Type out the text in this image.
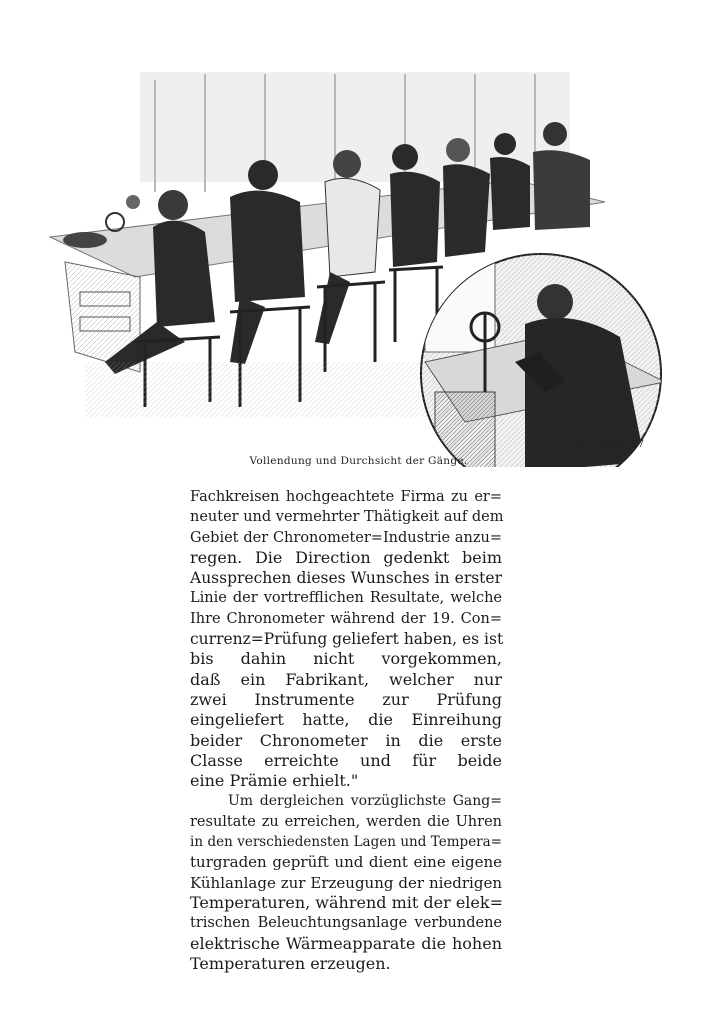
E. Limmer 97
Vollendung und Durchsicht der Gänge.
Fachkreisen hochgeachtete Firma zu er=
neuter und vermehrter Thätigkeit auf dem
Gebiet der Chronometer=Industrie anzu=
regen. Die Direction gedenkt beim
Aussprechen dieses Wunsches in erster
Linie der vortrefflichen Resultate, welche
Ihre Chronometer während der 19. Con=
currenz=Prüfung geliefert haben, es ist
bis dahin nicht vorgekommen,
daß ein Fabrikant, welcher nur
zwei Instrumente zur Prüfung
eingeliefert hatte, die Einreihung
beider Chronometer in die erste
Classe erreichte und für beide
eine Prämie erhielt."
Um dergleichen vorzüglichste Gang=
resultate zu erreichen, werden die Uhren
in den verschiedensten Lagen und Tempera=
turgraden geprüft und dient eine eigene
Kühlanlage zur Erzeugung der niedrigen
Temperaturen, während mit der elek=
trischen Beleuchtungsanlage verbundene
elektrische Wärmeapparate die hohen
Temperaturen erzeugen.
